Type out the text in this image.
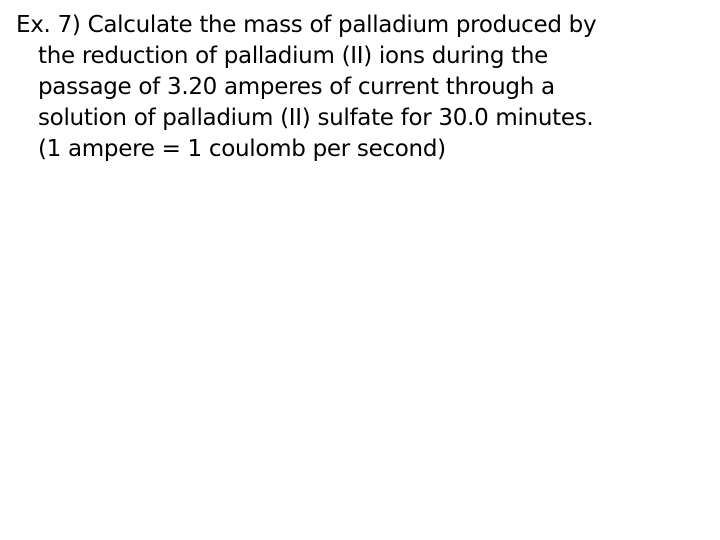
Ex. 7) Calculate the mass of palladium produced by
the reduction of palladium (II) ions during the
passage of 3.20 amperes of current through a
solution of palladium (II) sulfate for 30.0 minutes.
(1 ampere = 1 coulomb per second)
